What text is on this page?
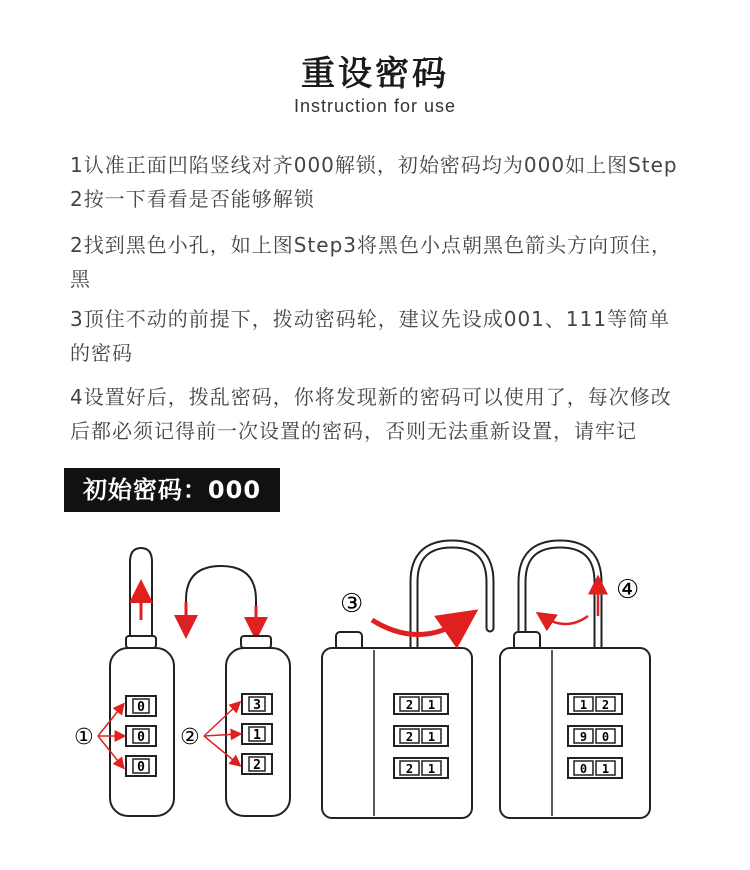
重设密码
Instruction for use
1认准正面凹陷竖线对齐000解锁，初始密码均为000如上图Step2按一下看看是否能够解锁
2找到黑色小孔，如上图Step3将黑色小点朝黑色箭头方向顶住，黑
3顶住不动的前提下，拨动密码轮，建议先设成001、111等简单的密码
4设置好后，拨乱密码，你将发现新的密码可以使用了，每次修改后都必须记得前一次设置的密码，否则无法重新设置，请牢记
初始密码：000
0
0
0
①
3
1
2
②
2 1
2 1
2 1
③
1 2
9 0
0 1
④
